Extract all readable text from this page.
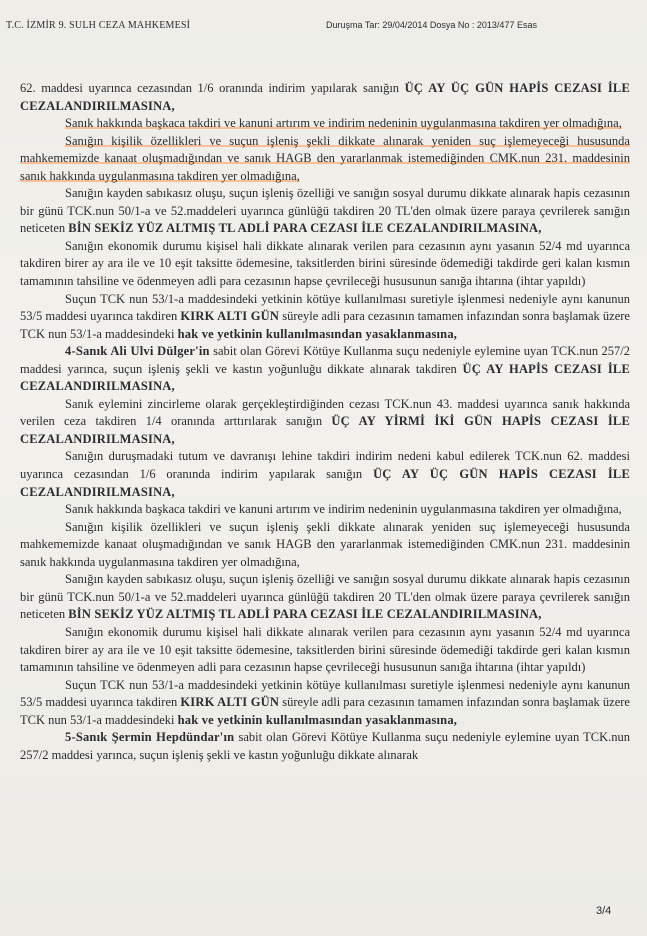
T.C. İZMİR 9. SULH CEZA MAHKEMESİ	Duruşma Tar: 29/04/2014 Dosya No : 2013/477 Esas

62. maddesi uyarınca cezasından 1/6 oranında indirim yapılarak sanığın ÜÇ AY ÜÇ GÜN HAPİS CEZASI İLE CEZALANDIRILMASINA,

Sanık hakkında başkaca takdiri ve kanuni artırım ve indirim nedeninin uygulanmasına takdiren yer olmadığına,

Sanığın kişilik özellikleri ve suçun işleniş şekli dikkate alınarak yeniden suç işlemeyeceği hususunda mahkememizde kanaat oluşmadığından ve sanık HAGB den yararlanmak istemediğinden CMK.nun 231. maddesinin sanık hakkında uygulanmasına takdiren yer olmadığına,

Sanığın kayden sabıkasız oluşu, suçun işleniş özelliği ve sanığın sosyal durumu dikkate alınarak hapis cezasının bir günü TCK.nun 50/1-a ve 52.maddeleri uyarınca günlüğü takdiren 20 TL'den olmak üzere paraya çevrilerek sanığın neticeten BİN SEKİZ YÜZ ALTMIŞ TL ADLİ PARA CEZASI İLE CEZALANDIRILMASINA,

Sanığın ekonomik durumu kişisel hali dikkate alınarak verilen para cezasının aynı yasanın 52/4 md uyarınca takdiren birer ay ara ile ve 10 eşit taksitte ödemesine, taksitlerden birini süresinde ödemediği takdirde geri kalan kısmın tamamının tahsiline ve ödenmeyen adli para cezasının hapse çevrileceği hususunun sanığa ihtarına (ihtar yapıldı)

Suçun TCK nun 53/1-a maddesindeki yetkinin kötüye kullanılması suretiyle işlenmesi nedeniyle aynı kanunun 53/5 maddesi uyarınca takdiren KIRK ALTI GÜN süreyle adli para cezasının tamamen infazından sonra başlamak üzere TCK nun 53/1-a maddesindeki hak ve yetkinin kullanılmasından yasaklanmasına,

4-Sanık Ali Ulvi Dülger'in sabit olan Görevi Kötüye Kullanma suçu nedeniyle eylemine uyan TCK.nun 257/2 maddesi yarınca, suçun işleniş şekli ve kastın yoğunluğu dikkate alınarak takdiren ÜÇ AY HAPİS CEZASI İLE CEZALANDIRILMASINA,

Sanık eylemini zincirleme olarak gerçekleştirdiğinden cezası TCK.nun 43. maddesi uyarınca sanık hakkında verilen ceza takdiren 1/4 oranında arttırılarak sanığın ÜÇ AY YİRMİ İKİ GÜN HAPİS CEZASI İLE CEZALANDIRILMASINA,

Sanığın duruşmadaki tutum ve davranışı lehine takdiri indirim nedeni kabul edilerek TCK.nun 62. maddesi uyarınca cezasından 1/6 oranında indirim yapılarak sanığın ÜÇ AY ÜÇ GÜN HAPİS CEZASI İLE CEZALANDIRILMASINA,

Sanık hakkında başkaca takdiri ve kanuni artırım ve indirim nedeninin uygulanmasına takdiren yer olmadığına,

Sanığın kişilik özellikleri ve suçun işleniş şekli dikkate alınarak yeniden suç işlemeyeceği hususunda mahkememizde kanaat oluşmadığından ve sanık HAGB den yararlanmak istemediğinden CMK.nun 231. maddesinin sanık hakkında uygulanmasına takdiren yer olmadığına,

Sanığın kayden sabıkasız oluşu, suçun işleniş özelliği ve sanığın sosyal durumu dikkate alınarak hapis cezasının bir günü TCK.nun 50/1-a ve 52.maddeleri uyarınca günlüğü takdiren 20 TL'den olmak üzere paraya çevrilerek sanığın neticeten BİN SEKİZ YÜZ ALTMIŞ TL ADLİ PARA CEZASI İLE CEZALANDIRILMASINA,

Sanığın ekonomik durumu kişisel hali dikkate alınarak verilen para cezasının aynı yasanın 52/4 md uyarınca takdiren birer ay ara ile ve 10 eşit taksitte ödemesine, taksitlerden birini süresinde ödemediği takdirde geri kalan kısmın tamamının tahsiline ve ödenmeyen adli para cezasının hapse çevrileceği hususunun sanığa ihtarına (ihtar yapıldı)

Suçun TCK nun 53/1-a maddesindeki yetkinin kötüye kullanılması suretiyle işlenmesi nedeniyle aynı kanunun 53/5 maddesi uyarınca takdiren KIRK ALTI GÜN süreyle adli para cezasının tamamen infazından sonra başlamak üzere TCK nun 53/1-a maddesindeki hak ve yetkinin kullanılmasından yasaklanmasına,

5-Sanık Şermin Hepdündar'ın sabit olan Görevi Kötüye Kullanma suçu nedeniyle eylemine uyan TCK.nun 257/2 maddesi yarınca, suçun işleniş şekli ve kastın yoğunluğu dikkate alınarak

3/4
